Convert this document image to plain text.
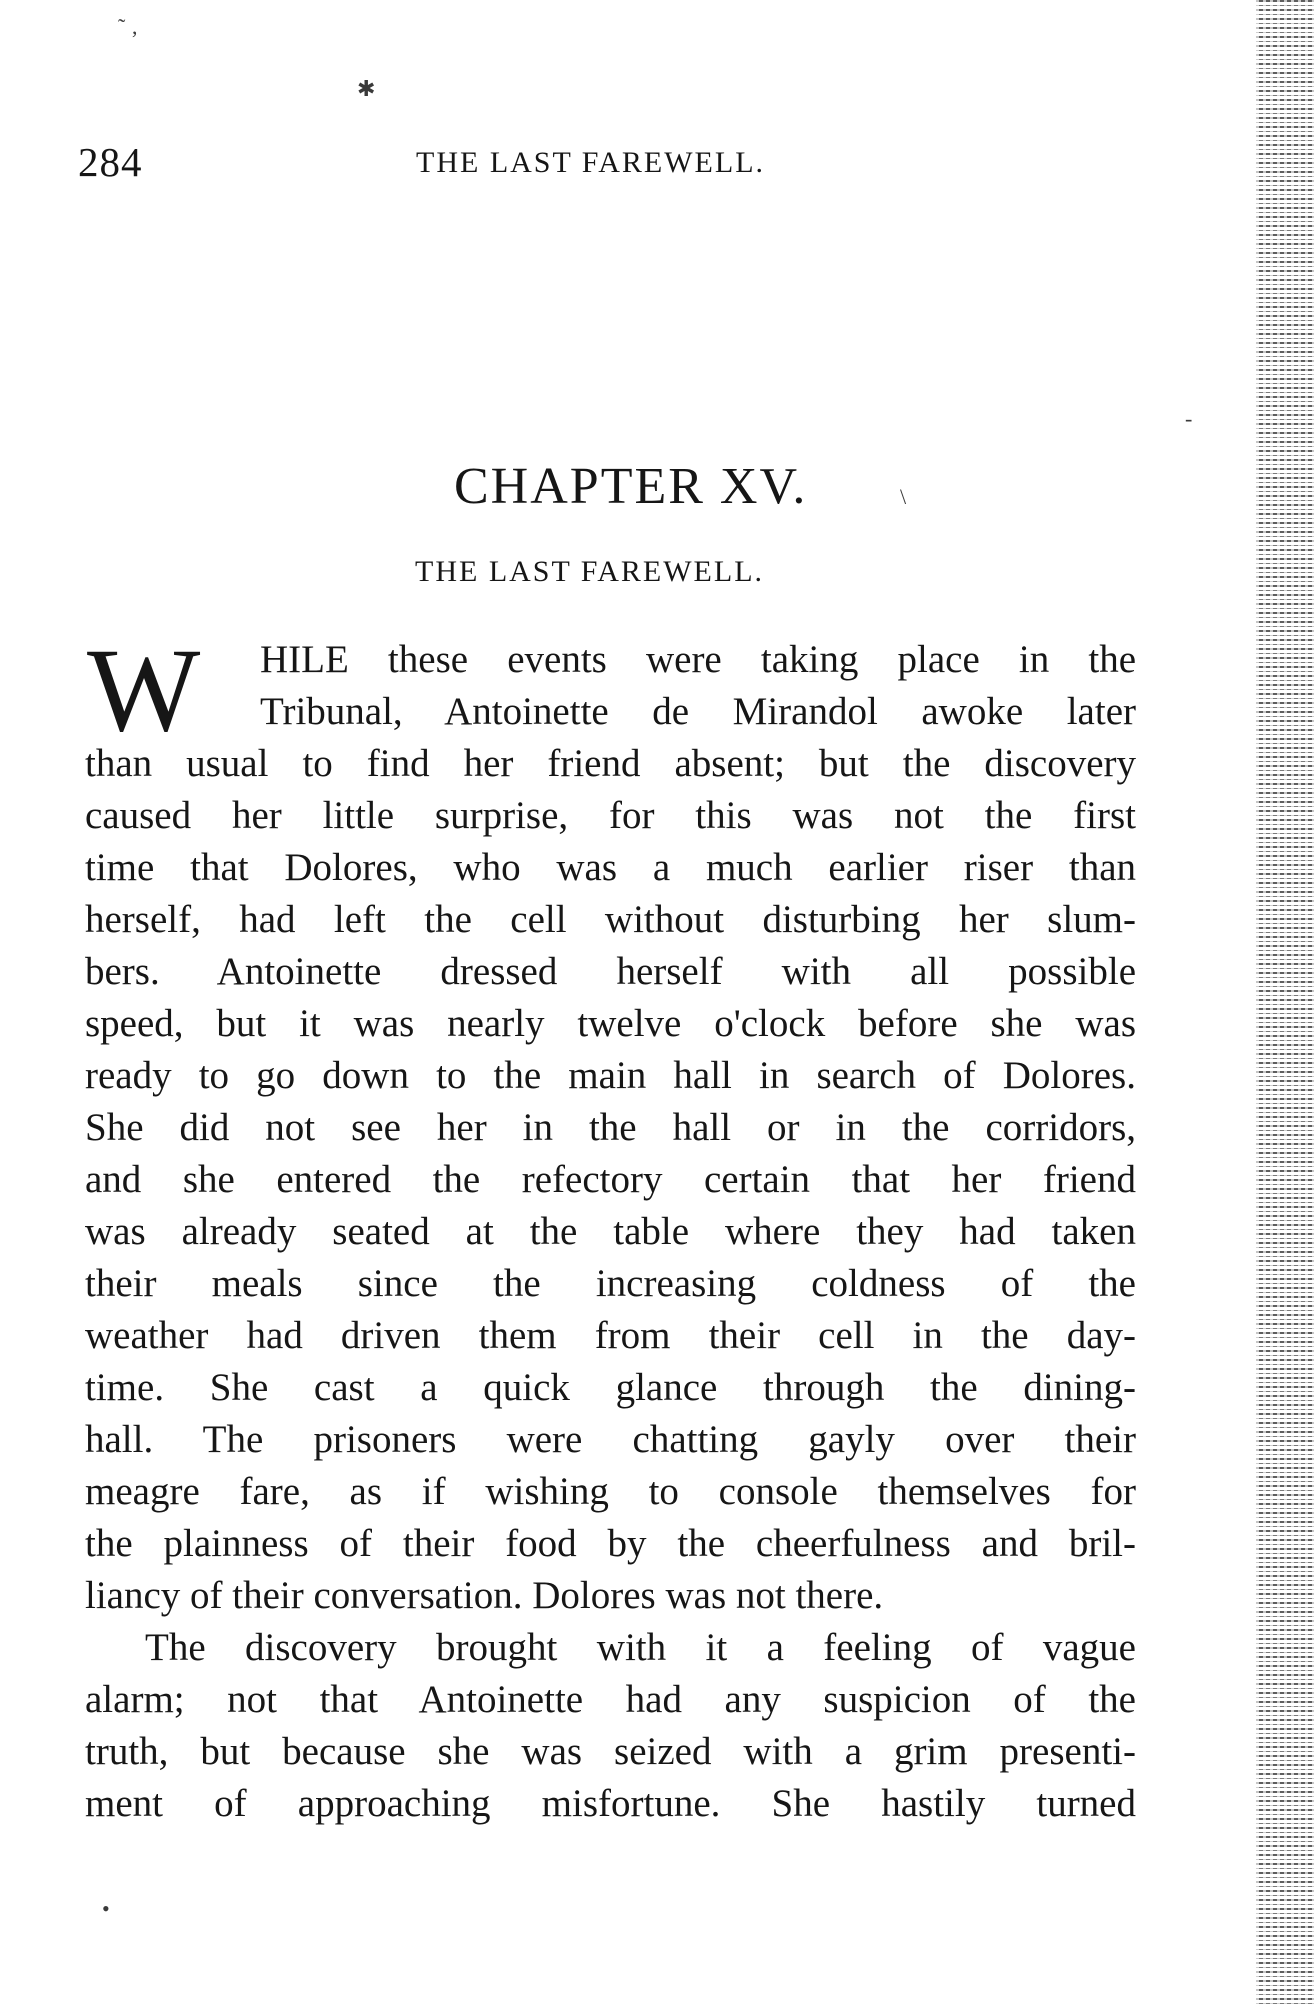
˜ ‚
✱
-
\
•
284	THE LAST FAREWELL.
CHAPTER XV.
THE LAST FAREWELL.
W HILE these events were taking place in the
Tribunal, Antoinette de Mirandol awoke later
than usual to find her friend absent; but the discovery
caused her little surprise, for this was not the first
time that Dolores, who was a much earlier riser than
herself, had left the cell without disturbing her slum-
bers. Antoinette dressed herself with all possible
speed, but it was nearly twelve o'clock before she was
ready to go down to the main hall in search of Dolores.
She did not see her in the hall or in the corridors,
and she entered the refectory certain that her friend
was already seated at the table where they had taken
their meals since the increasing coldness of the
weather had driven them from their cell in the day-
time. She cast a quick glance through the dining-
hall. The prisoners were chatting gayly over their
meagre fare, as if wishing to console themselves for
the plainness of their food by the cheerfulness and bril-
liancy of their conversation. Dolores was not there.
The discovery brought with it a feeling of vague
alarm; not that Antoinette had any suspicion of the
truth, but because she was seized with a grim presenti-
ment of approaching misfortune. She hastily turned
